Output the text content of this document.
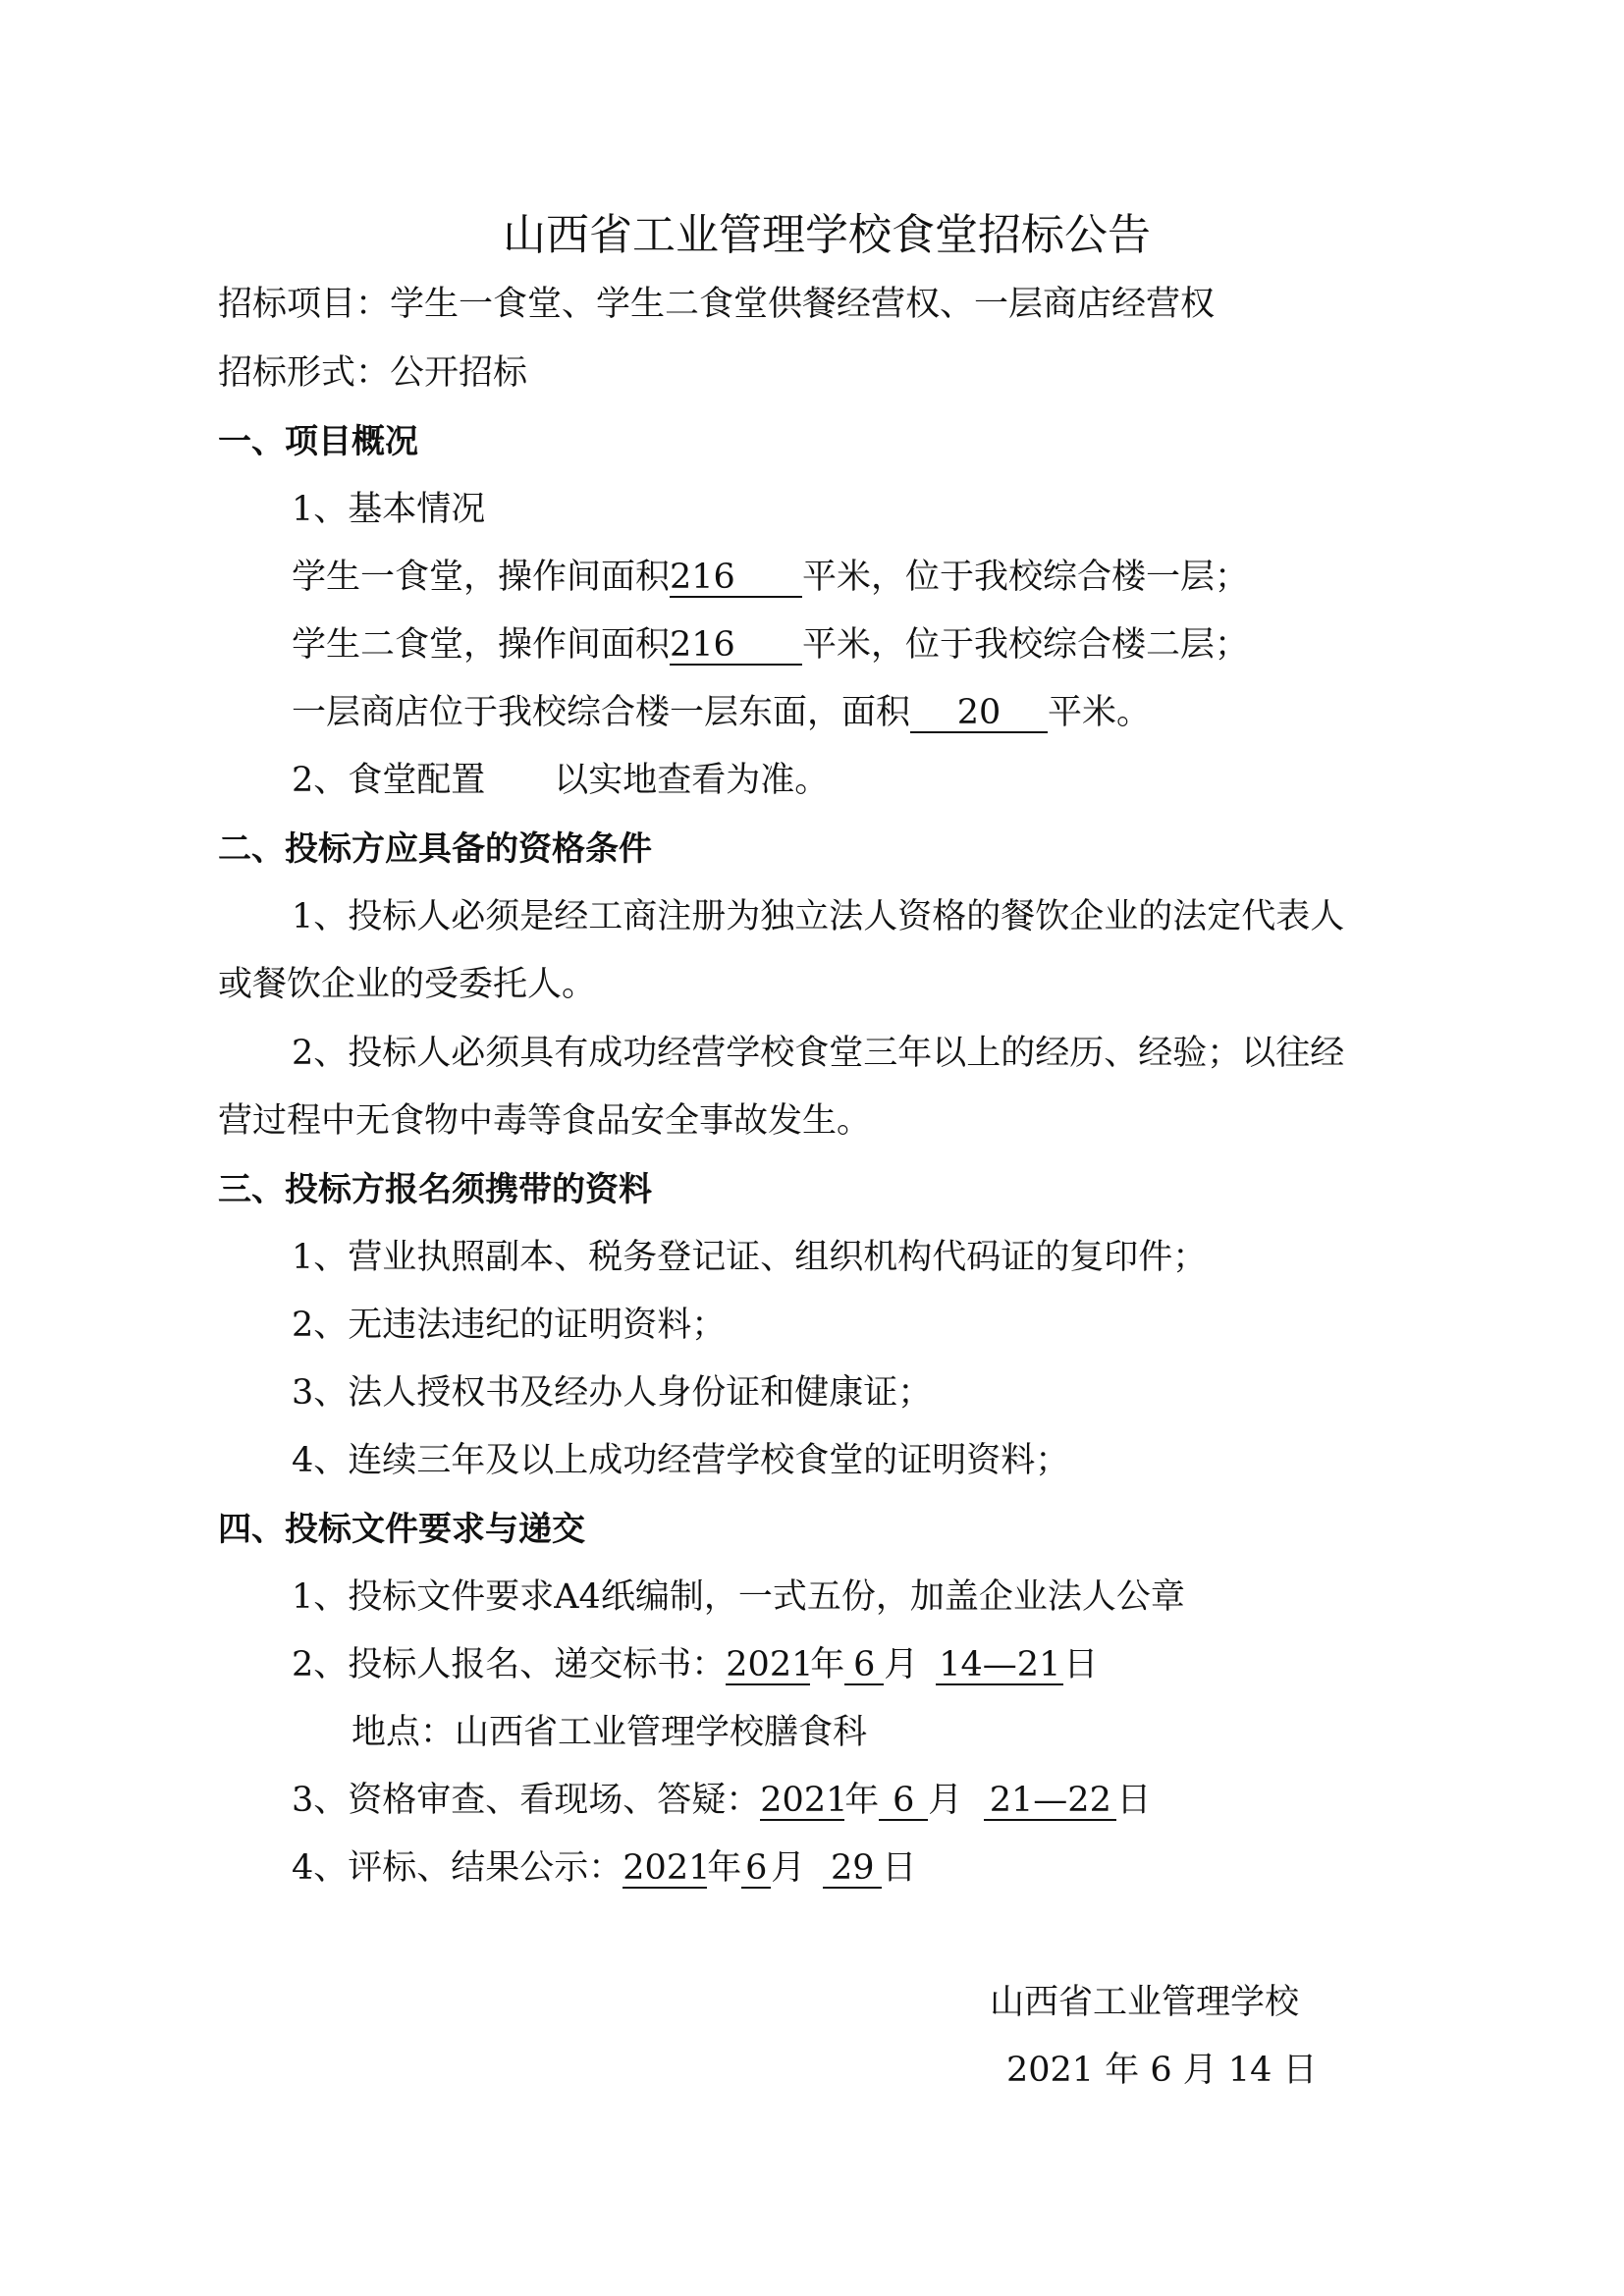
山西省工业管理学校食堂招标公告
招标项目：学生一食堂、学生二食堂供餐经营权、一层商店经营权
招标形式：公开招标
一、项目概况
1、基本情况
学生一食堂，操作间面积216 平米，位于我校综合楼一层；
学生二食堂，操作间面积216 平米，位于我校综合楼二层；
一层商店位于我校综合楼一层东面，面积 20 平米。
2、食堂配置　　以实地查看为准。
二、投标方应具备的资格条件
1、投标人必须是经工商注册为独立法人资格的餐饮企业的法定代表人
或餐饮企业的受委托人。
2、投标人必须具有成功经营学校食堂三年以上的经历、经验；以往经
营过程中无食物中毒等食品安全事故发生。
三、投标方报名须携带的资料
1、营业执照副本、税务登记证、组织机构代码证的复印件；
2、无违法违纪的证明资料；
3、法人授权书及经办人身份证和健康证；
4、连续三年及以上成功经营学校食堂的证明资料；
四、投标文件要求与递交
1、投标文件要求A4纸编制，一式五份，加盖企业法人公章
2、投标人报名、递交标书：2021年 6 月 14—21日
地点：山西省工业管理学校膳食科
3、资格审查、看现场、答疑：2021年 6 月 21—22 日
4、评标、结果公示：2021年 6 月 29 日
山西省工业管理学校
2021 年 6 月 14 日
